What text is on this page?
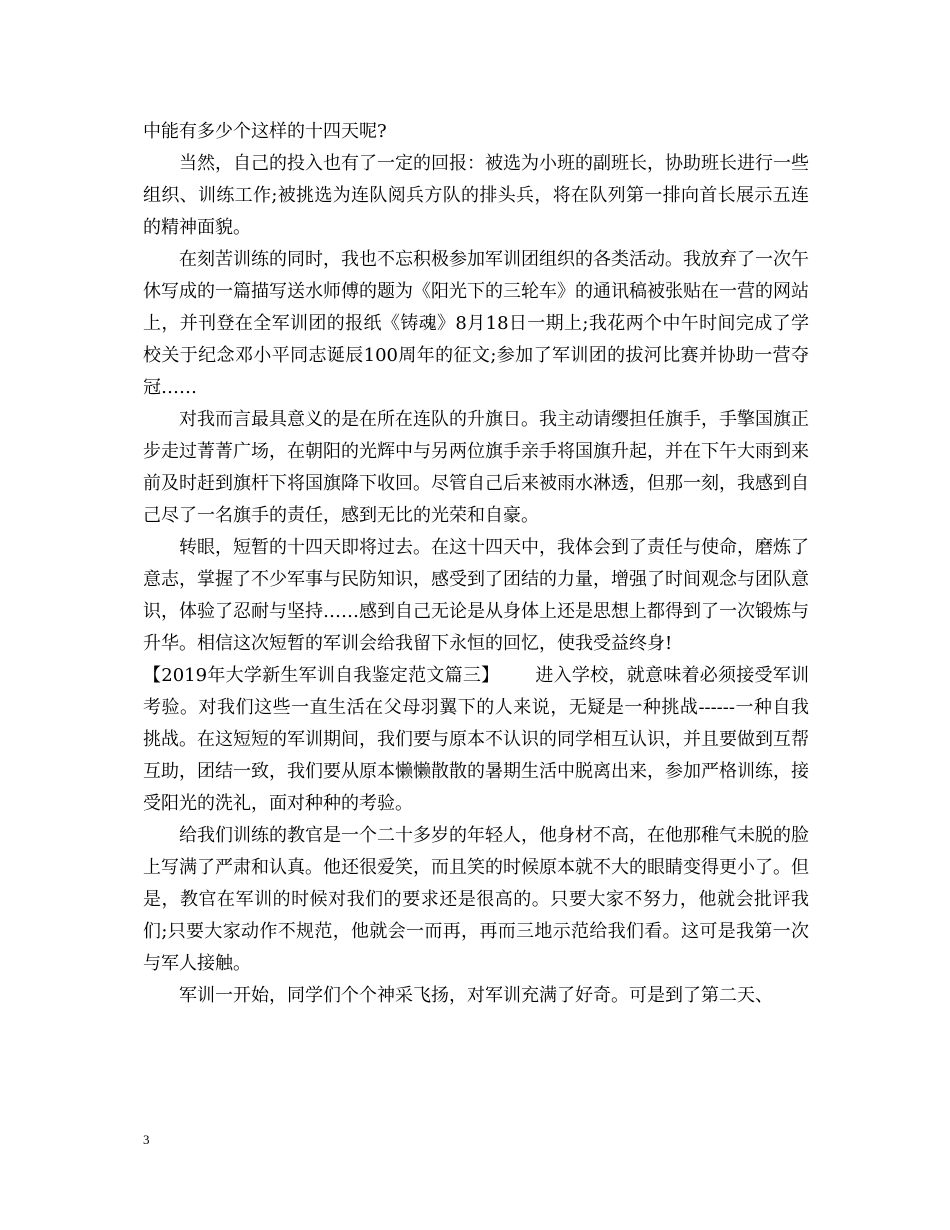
中能有多少个这样的十四天呢?

当然，自己的投入也有了一定的回报：被选为小班的副班长，协助班长进行一些组织、训练工作;被挑选为连队阅兵方队的排头兵，将在队列第一排向首长展示五连的精神面貌。

在刻苦训练的同时，我也不忘积极参加军训团组织的各类活动。我放弃了一次午休写成的一篇描写送水师傅的题为《阳光下的三轮车》的通讯稿被张贴在一营的网站上，并刊登在全军训团的报纸《铸魂》8月18日一期上;我花两个中午时间完成了学校关于纪念邓小平同志诞辰100周年的征文;参加了军训团的拔河比赛并协助一营夺冠……

对我而言最具意义的是在所在连队的升旗日。我主动请缨担任旗手，手擎国旗正步走过菁菁广场，在朝阳的光辉中与另两位旗手亲手将国旗升起，并在下午大雨到来前及时赶到旗杆下将国旗降下收回。尽管自己后来被雨水淋透，但那一刻，我感到自己尽了一名旗手的责任，感到无比的光荣和自豪。

转眼，短暂的十四天即将过去。在这十四天中，我体会到了责任与使命，磨炼了意志，掌握了不少军事与民防知识，感受到了团结的力量，增强了时间观念与团队意识，体验了忍耐与坚持……感到自己无论是从身体上还是思想上都得到了一次锻炼与升华。相信这次短暂的军训会给我留下永恒的回忆，使我受益终身!

【2019年大学新生军训自我鉴定范文篇三】 进入学校，就意味着必须接受军训考验。对我们这些一直生活在父母羽翼下的人来说，无疑是一种挑战------一种自我挑战。在这短短的军训期间，我们要与原本不认识的同学相互认识，并且要做到互帮互助，团结一致，我们要从原本懒懒散散的暑期生活中脱离出来，参加严格训练，接受阳光的洗礼，面对种种的考验。

给我们训练的教官是一个二十多岁的年轻人，他身材不高，在他那稚气未脱的脸上写满了严肃和认真。他还很爱笑，而且笑的时候原本就不大的眼睛变得更小了。但是，教官在军训的时候对我们的要求还是很高的。只要大家不努力，他就会批评我们;只要大家动作不规范，他就会一而再，再而三地示范给我们看。这可是我第一次与军人接触。

军训一开始，同学们个个神采飞扬，对军训充满了好奇。可是到了第二天、

3
